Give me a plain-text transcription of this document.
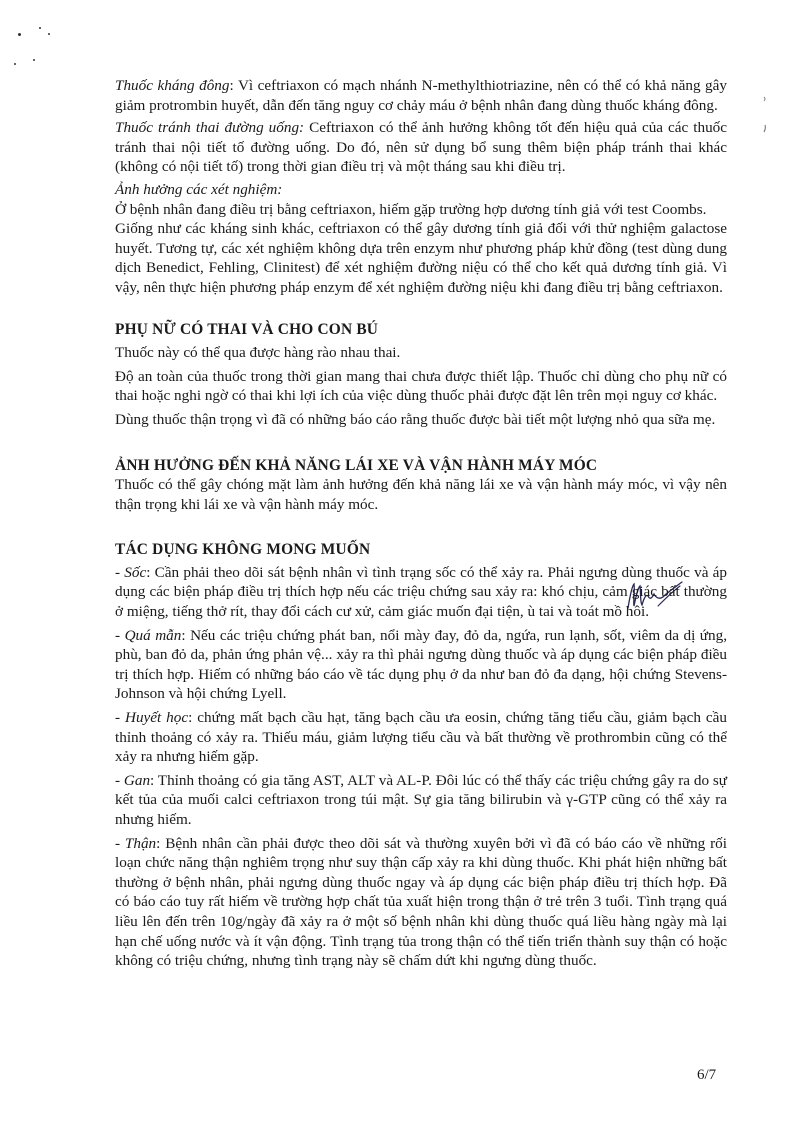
Thuốc kháng đông: Vì ceftriaxon có mạch nhánh N-methylthiotriazine, nên có thể có khả năng gây giảm protrombin huyết, dẫn đến tăng nguy cơ chảy máu ở bệnh nhân đang dùng thuốc kháng đông.

Thuốc tránh thai đường uống: Ceftriaxon có thể ảnh hưởng không tốt đến hiệu quả của các thuốc tránh thai nội tiết tố đường uống. Do đó, nên sử dụng bổ sung thêm biện pháp tránh thai khác (không có nội tiết tố) trong thời gian điều trị và một tháng sau khi điều trị.

Ảnh hưởng các xét nghiệm:

Ở bệnh nhân đang điều trị bằng ceftriaxon, hiếm gặp trường hợp dương tính giả với test Coombs.

Giống như các kháng sinh khác, ceftriaxon có thể gây dương tính giả đối với thử nghiệm galactose huyết. Tương tự, các xét nghiệm không dựa trên enzym như phương pháp khử đồng (test dùng dung dịch Benedict, Fehling, Clinitest) để xét nghiệm đường niệu có thể cho kết quả dương tính giả. Vì vậy, nên thực hiện phương pháp enzym để xét nghiệm đường niệu khi đang điều trị bằng ceftriaxon.

PHỤ NỮ CÓ THAI VÀ CHO CON BÚ

Thuốc này có thể qua được hàng rào nhau thai.

Độ an toàn của thuốc trong thời gian mang thai chưa được thiết lập. Thuốc chỉ dùng cho phụ nữ có thai hoặc nghi ngờ có thai khi lợi ích của việc dùng thuốc phải được đặt lên trên mọi nguy cơ khác.

Dùng thuốc thận trọng vì đã có những báo cáo rằng thuốc được bài tiết một lượng nhỏ qua sữa mẹ.

ẢNH HƯỞNG ĐẾN KHẢ NĂNG LÁI XE VÀ VẬN HÀNH MÁY MÓC

Thuốc có thể gây chóng mặt làm ảnh hưởng đến khả năng lái xe và vận hành máy móc, vì vậy nên thận trọng khi lái xe và vận hành máy móc.

TÁC DỤNG KHÔNG MONG MUỐN

- Sốc: Cần phải theo dõi sát bệnh nhân vì tình trạng sốc có thể xảy ra. Phải ngưng dùng thuốc và áp dụng các biện pháp điều trị thích hợp nếu các triệu chứng sau xảy ra: khó chịu, cảm giác bất thường ở miệng, tiếng thở rít, thay đổi cách cư xử, cảm giác muốn đại tiện, ù tai và toát mồ hôi.

- Quá mẫn: Nếu các triệu chứng phát ban, nổi mày đay, đỏ da, ngứa, run lạnh, sốt, viêm da dị ứng, phù, ban đỏ da, phản ứng phản vệ... xảy ra thì phải ngưng dùng thuốc và áp dụng các biện pháp điều trị thích hợp. Hiếm có những báo cáo về tác dụng phụ ở da như ban đỏ đa dạng, hội chứng Stevens-Johnson và hội chứng Lyell.

- Huyết học: chứng mất bạch cầu hạt, tăng bạch cầu ưa eosin, chứng tăng tiểu cầu, giảm bạch cầu thỉnh thoảng có xảy ra. Thiếu máu, giảm lượng tiểu cầu và bất thường về prothrombin cũng có thể xảy ra nhưng hiếm gặp.

- Gan: Thỉnh thoảng có gia tăng AST, ALT và AL-P. Đôi lúc có thể thấy các triệu chứng gây ra do sự kết tủa của muối calci ceftriaxon trong túi mật. Sự gia tăng bilirubin và γ-GTP cũng có thể xảy ra nhưng hiếm.

- Thận: Bệnh nhân cần phải được theo dõi sát và thường xuyên bởi vì đã có báo cáo về những rối loạn chức năng thận nghiêm trọng như suy thận cấp xảy ra khi dùng thuốc. Khi phát hiện những bất thường ở bệnh nhân, phải ngưng dùng thuốc ngay và áp dụng các biện pháp điều trị thích hợp. Đã có báo cáo tuy rất hiếm về trường hợp chất tủa xuất hiện trong thận ở trẻ trên 3 tuổi. Tình trạng quá liều lên đến trên 10g/ngày đã xảy ra ở một số bệnh nhân khi dùng thuốc quá liều hàng ngày mà lại hạn chế uống nước và ít vận động. Tình trạng tủa trong thận có thể tiến triển thành suy thận có hoặc không có triệu chứng, nhưng tình trạng này sẽ chấm dứt khi ngưng dùng thuốc.

6/7
